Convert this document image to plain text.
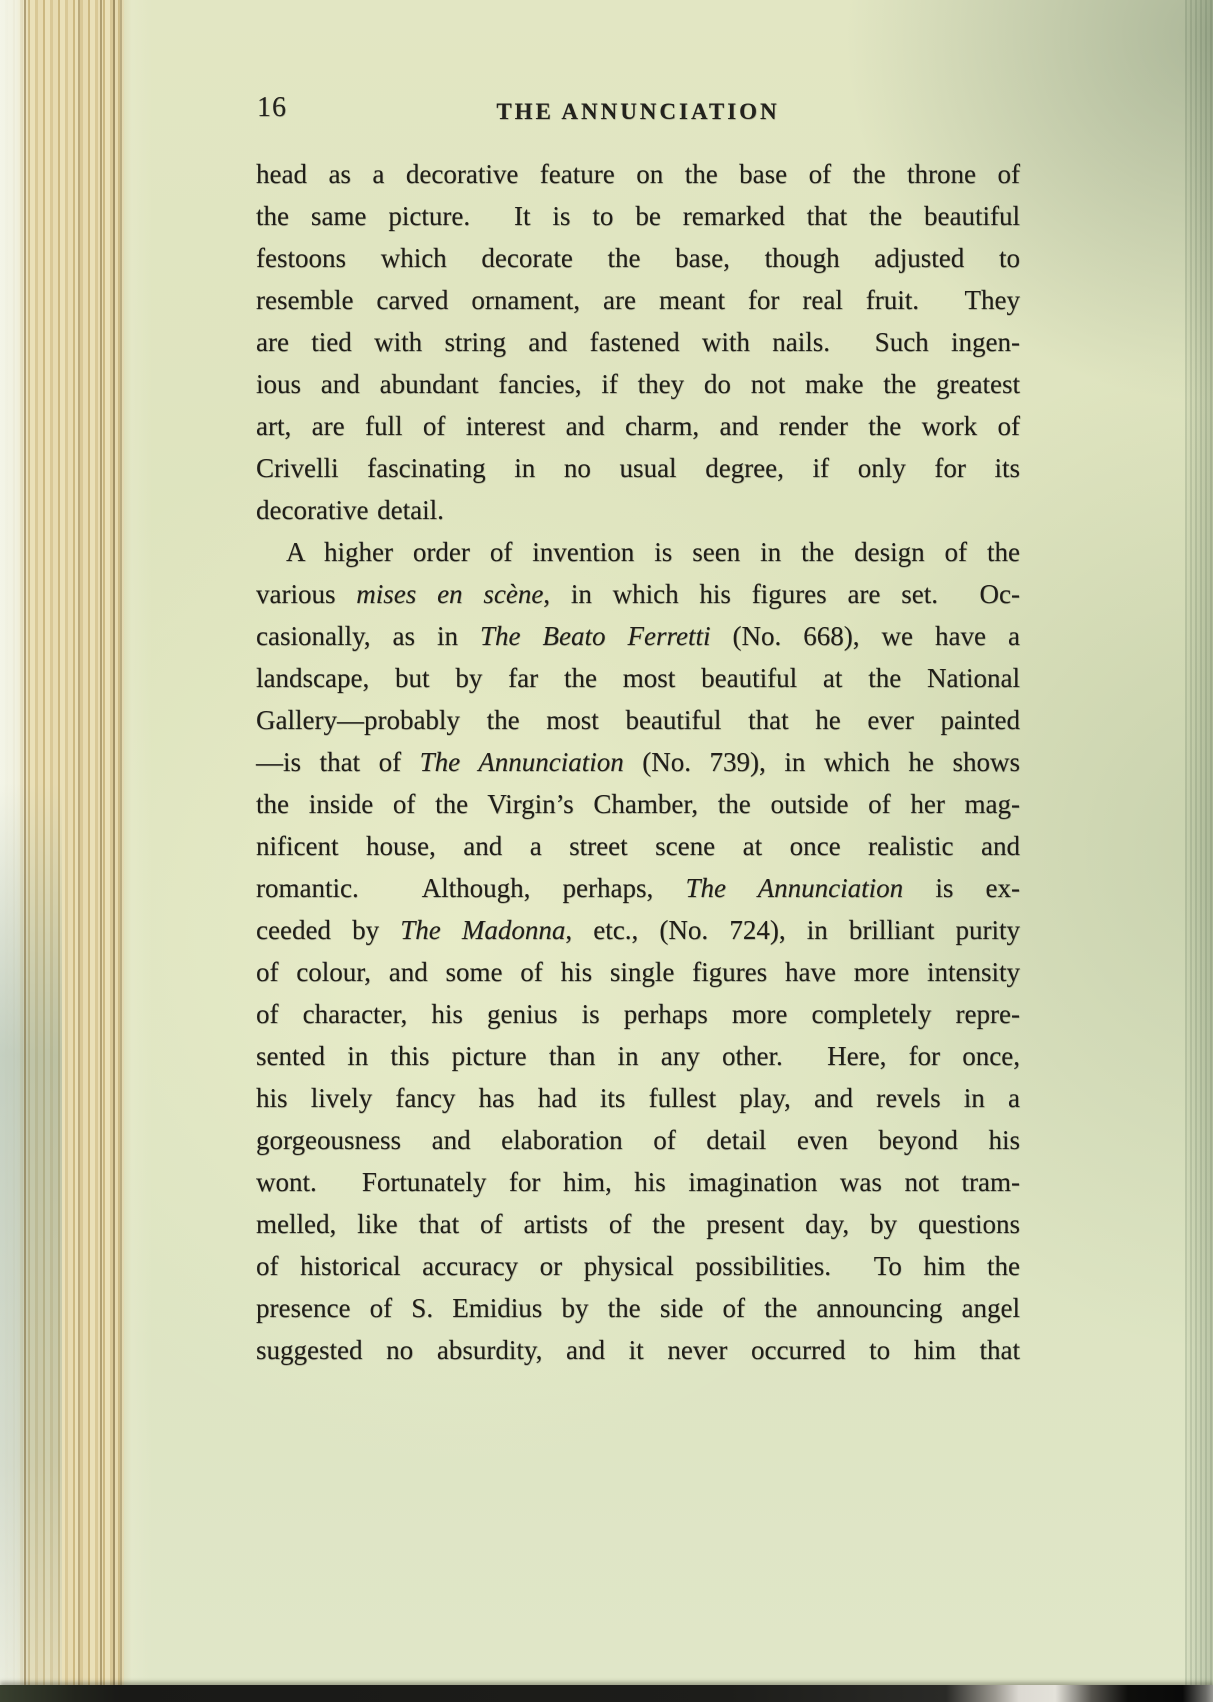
16	THE ANNUNCIATION
head as a decorative feature on the base of the throne of
the same picture.  It is to be remarked that the beautiful
festoons which decorate the base, though adjusted to
resemble carved ornament, are meant for real fruit.  They
are tied with string and fastened with nails.  Such ingen-
ious and abundant fancies, if they do not make the greatest
art, are full of interest and charm, and render the work of
Crivelli fascinating in no usual degree, if only for its
decorative detail.
A higher order of invention is seen in the design of the
various mises en scène, in which his figures are set.  Oc-
casionally, as in The Beato Ferretti (No. 668), we have a
landscape, but by far the most beautiful at the National
Gallery—probably the most beautiful that he ever painted
—is that of The Annunciation (No. 739), in which he shows
the inside of the Virgin’s Chamber, the outside of her mag-
nificent house, and a street scene at once realistic and
romantic.  Although, perhaps, The Annunciation is ex-
ceeded by The Madonna, etc., (No. 724), in brilliant purity
of colour, and some of his single figures have more intensity
of character, his genius is perhaps more completely repre-
sented in this picture than in any other.  Here, for once,
his lively fancy has had its fullest play, and revels in a
gorgeousness and elaboration of detail even beyond his
wont.  Fortunately for him, his imagination was not tram-
melled, like that of artists of the present day, by questions
of historical accuracy or physical possibilities.  To him the
presence of S. Emidius by the side of the announcing angel
suggested no absurdity, and it never occurred to him that
